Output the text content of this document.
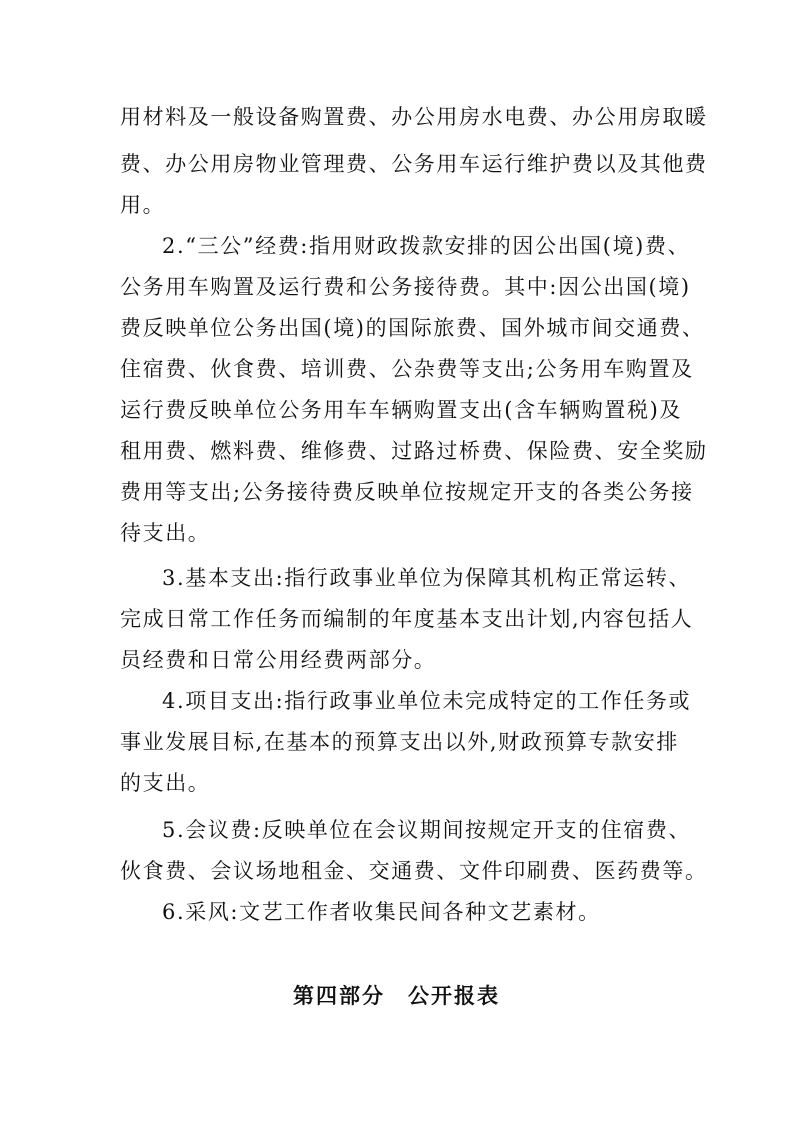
用材料及一般设备购置费、办公用房水电费、办公用房取暖
费、办公用房物业管理费、公务用车运行维护费以及其他费
用。
2.“三公”经费:指用财政拨款安排的因公出国(境)费、
公务用车购置及运行费和公务接待费。其中:因公出国(境)
费反映单位公务出国(境)的国际旅费、国外城市间交通费、
住宿费、伙食费、培训费、公杂费等支出;公务用车购置及
运行费反映单位公务用车车辆购置支出(含车辆购置税)及
租用费、燃料费、维修费、过路过桥费、保险费、安全奖励
费用等支出;公务接待费反映单位按规定开支的各类公务接
待支出。
3.基本支出:指行政事业单位为保障其机构正常运转、
完成日常工作任务而编制的年度基本支出计划,内容包括人
员经费和日常公用经费两部分。
4.项目支出:指行政事业单位未完成特定的工作任务或
事业发展目标,在基本的预算支出以外,财政预算专款安排
的支出。
5.会议费:反映单位在会议期间按规定开支的住宿费、
伙食费、会议场地租金、交通费、文件印刷费、医药费等。
6.采风:文艺工作者收集民间各种文艺素材。
第四部分　公开报表
